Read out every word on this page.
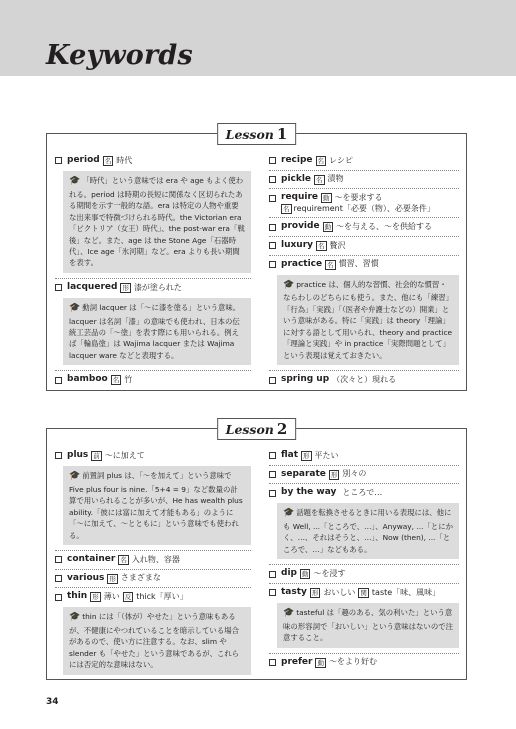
Keywords
Lesson 1
period 名 時代
🎓 「時代」という意味では era や age もよく使われる。period は時期の長短に関係なく区切られたある期間を示す一般的な語。era は特定の人物や重要な出来事で特徴づけられる時代。the Victorian era「ビクトリア（女王）時代」、the post-war era「戦後」など。また、age は the Stone Age「石器時代」、Ice age「氷河期」など。era よりも長い期間を表す。
lacquered 形 漆が塗られた
🎓 動詞 lacquer は「～に漆を塗る」という意味。lacquer は名詞「漆」の意味でも使われ、日本の伝統工芸品の「～塗」を表す際にも用いられる。例えば「輪島塗」は Wajima lacquer または Wajima lacquer ware などと表現する。
bamboo 名 竹
recipe 名 レシピ
pickle 名 漬物
require 動 ～を要求する
名 requirement「必要（物）、必要条件」
provide 動 ～を与える、～を供給する
luxury 名 贅沢
practice 名 慣習、習慣
🎓 practice は、個人的な習慣、社会的な慣習・ならわしのどちらにも使う。また、他にも「練習」「行為」「実践」「（医者や弁護士などの）開業」という意味がある。特に「実践」は theory「理論」に対する語として用いられ、theory and practice「理論と実践」や in practice「実際問題として」という表現は覚えておきたい。
spring up （次々と）現れる
Lesson 2
plus 前 ～に加えて
🎓 前置詞 plus は、「～を加えて」という意味で Five plus four is nine.「5+4 = 9」など数量の計算で用いられることが多いが、He has wealth plus ability.「彼には富に加えて才能もある」のように「～に加えて、～とともに」という意味でも使われる。
container 名 入れ物、容器
various 形 さまざまな
thin 形 薄い 反 thick「厚い」
🎓 thin には「（体が）やせた」という意味もあるが、不健康にやつれていることを暗示している場合があるので、使い方に注意する。なお、slim や slender も「やせた」という意味であるが、これらには否定的な意味はない。
flat 形 平たい
separate 形 別々の
by the way ところで…
🎓 話題を転換させるときに用いる表現には、他にも Well, ...「ところで、…」、Anyway, ...「とにかく、…、それはそうと、…」、Now (then), ...「ところで、…」などもある。
dip 動 ～を浸す
tasty 形 おいしい 関 taste「味、風味」
🎓 tasteful は「趣のある、気の利いた」という意味の形容詞で「おいしい」という意味はないので注意すること。
prefer 動 ～をより好む
34
